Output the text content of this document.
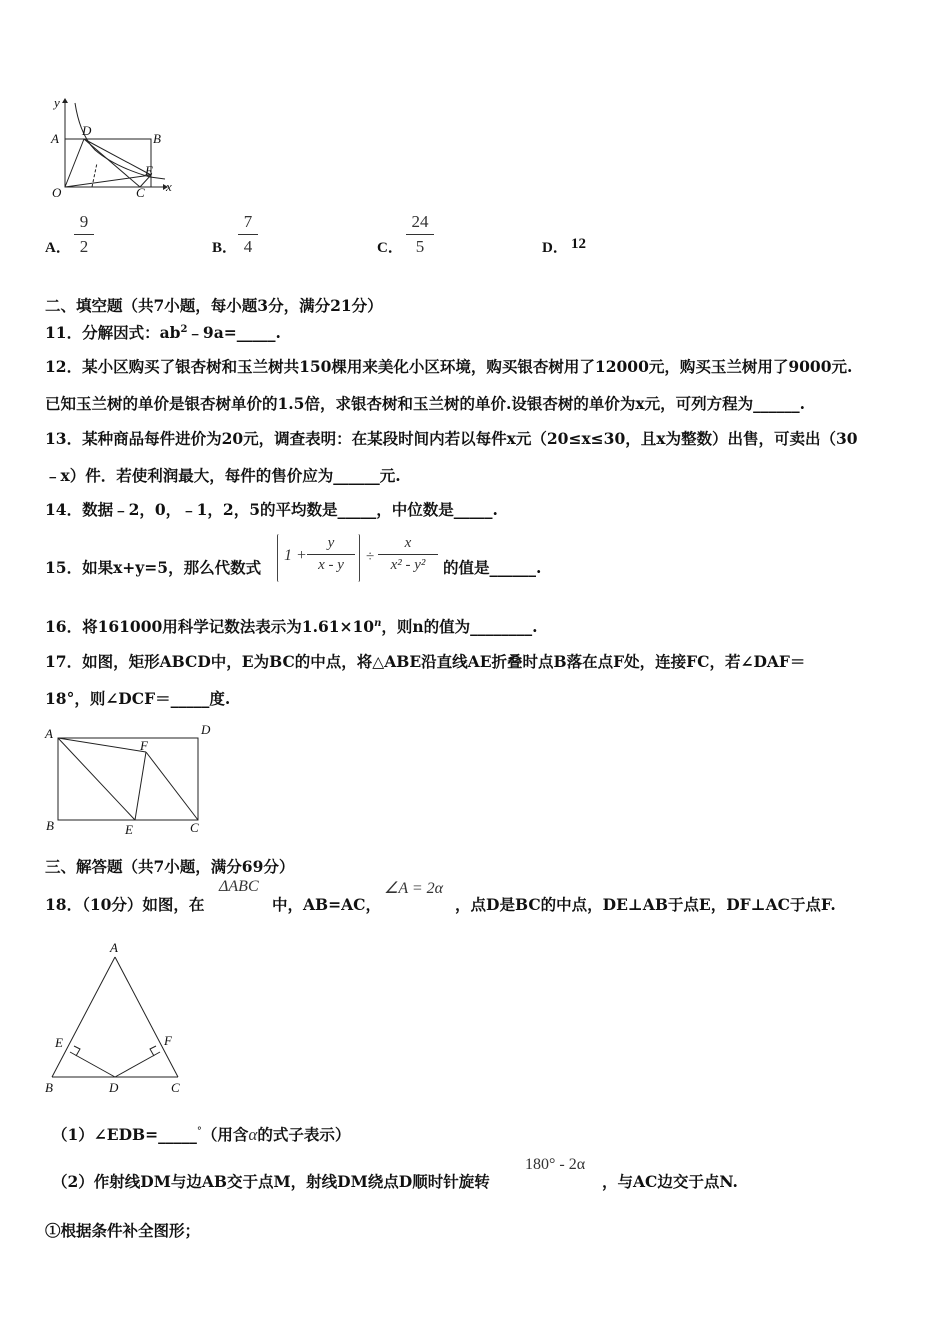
y
x
O
A	B
C
D
E
A．
9
2	B．
7
4	C．
24
5	D． 12
二、填空题（共7小题，每小题3分，满分21分）
11．分解因式：$ab^2﹣9a=\_\_\_\_\_$.
12．某小区购买了银杏树和玉兰树共150棵用来美化小区环境，购买银杏树用了12000元，购买玉兰树用了9000元.
已知玉兰树的单价是银杏树单价的1.5倍，求银杏树和玉兰树的单价.设银杏树的单价为x元，可列方程为______.
13．某种商品每件进价为20元，调查表明：在某段时间内若以每件x元（20≤x≤30，且x为整数）出售，可卖出（30
﹣x）件．若使利润最大，每件的售价应为______元.
14．数据﹣2，0，﹣1，2，5的平均数是_____，中位数是_____.
15．如果x+y=5，那么代数式
1 +
y
x - y	÷
x
x² - y²	的值是______.
16．将161000用科学记数法表示为$1.61\times 10^n$，则n的值为________.
17．如图，矩形ABCD中，E为BC的中点，将△ABE沿直线AE折叠时点B落在点F处，连接FC，若∠DAF＝
18°，则∠DCF＝_____度.
A	D
F
B	E	C
三、解答题（共7小题，满分69分）
18．（10分）如图，在
ΔABC
中，AB=AC，
∠A = 2α
，点D是BC的中点，DE⊥AB于点E，DF⊥AC于点F.
A
B	C
D
E	F
（1）∠EDB=_____°（用含α的式子表示）
（2）作射线DM与边AB交于点M，射线DM绕点D顺时针旋转
180° - 2α
，与AC边交于点N.
①根据条件补全图形；
